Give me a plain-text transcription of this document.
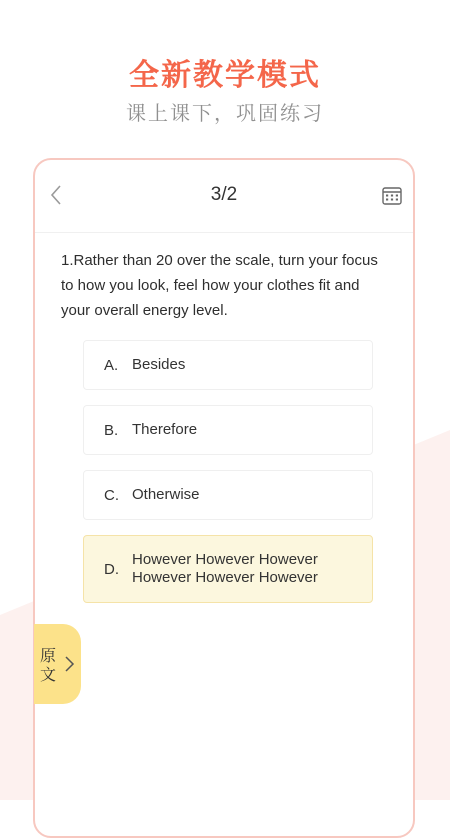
全新教学模式
课上课下，巩固练习
3/2
1.Rather than 20 over the scale, turn your focus to how you look, feel how your clothes fit and your overall energy level.
A. Besides
B. Therefore
C. Otherwise
D.
However However However However However However
原文
